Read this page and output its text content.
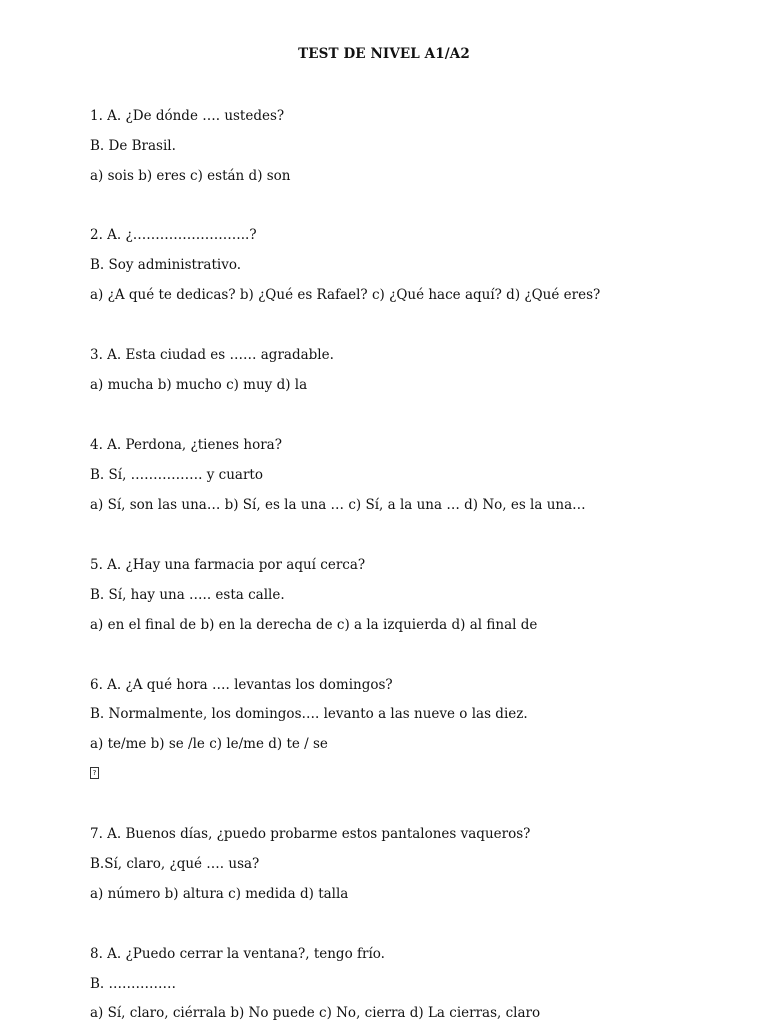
TEST DE NIVEL A1/A2
1. A. ¿De dónde …. ustedes?
B. De Brasil.
a) sois b) eres c) están d) son
2. A. ¿……………………..?
B. Soy administrativo.
a) ¿A qué te dedicas? b) ¿Qué es Rafael? c) ¿Qué hace aquí? d) ¿Qué eres?
3. A. Esta ciudad es …… agradable.
a) mucha b) mucho c) muy d) la
4. A. Perdona, ¿tienes hora?
B. Sí, ……………. y cuarto
a) Sí, son las una… b) Sí, es la una … c) Sí, a la una … d) No, es la una…
5. A. ¿Hay una farmacia por aquí cerca?
B. Sí, hay una ….. esta calle.
a) en el final de b) en la derecha de c) a la izquierda d) al final de
6. A. ¿A qué hora …. levantas los domingos?
B. Normalmente, los domingos…. levanto a las nueve o las diez.
a) te/me b) se /le c) le/me d) te / se
?
7. A. Buenos días, ¿puedo probarme estos pantalones vaqueros?
B.Sí, claro, ¿qué …. usa?
a) número b) altura c) medida d) talla
8. A. ¿Puedo cerrar la ventana?, tengo frío.
B. ……………
a) Sí, claro, ciérrala b) No puede c) No, cierra d) La cierras, claro
